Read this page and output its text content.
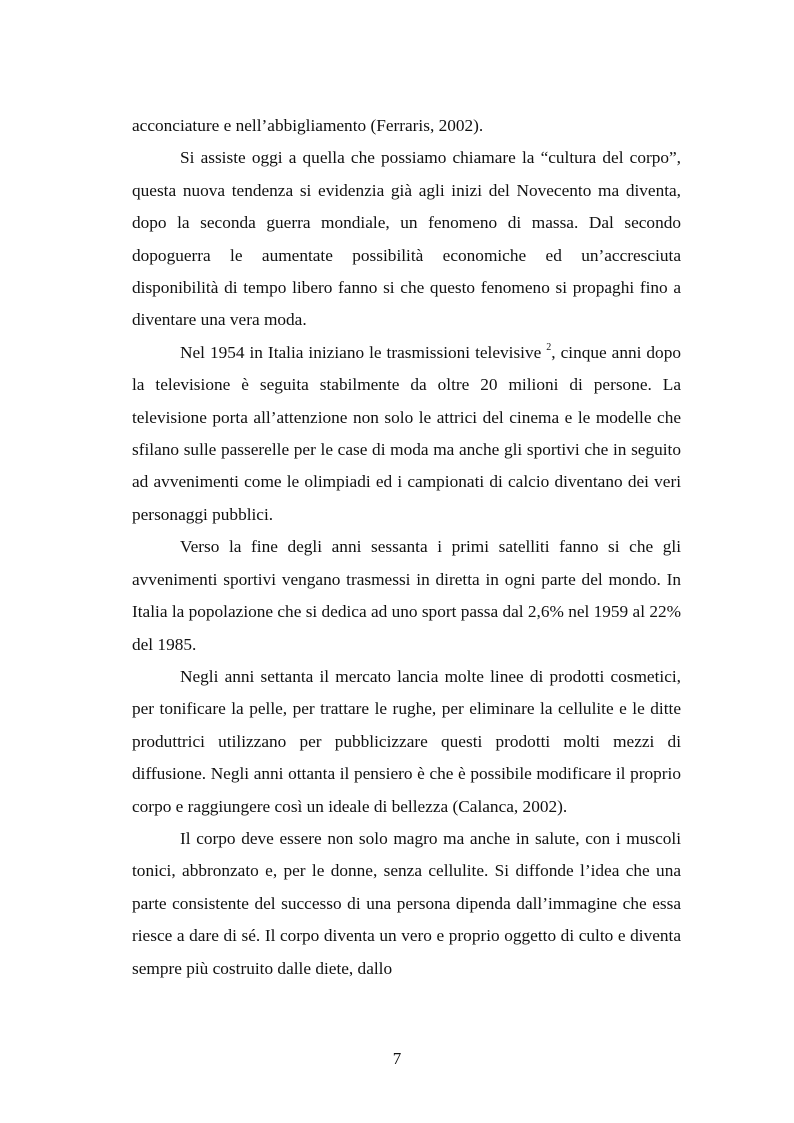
acconciature e nell’abbigliamento (Ferraris, 2002).

Si assiste oggi a quella che possiamo chiamare la “cultura del corpo”, questa nuova tendenza si evidenzia già agli inizi del Novecento ma diventa, dopo la seconda guerra mondiale, un fenomeno di massa. Dal secondo dopoguerra le aumentate possibilità economiche ed un’accresciuta disponibilità di tempo libero fanno si che questo fenomeno si propaghi fino a diventare una vera moda.

Nel 1954 in Italia iniziano le trasmissioni televisive $^2$, cinque anni dopo la televisione è seguita stabilmente da oltre 20 milioni di persone. La televisione porta all’attenzione non solo le attrici del cinema e le modelle che sfilano sulle passerelle per le case di moda ma anche gli sportivi che in seguito ad avvenimenti come le olimpiadi ed i campionati di calcio diventano dei veri personaggi pubblici.

Verso la fine degli anni sessanta i primi satelliti fanno si che gli avvenimenti sportivi vengano trasmessi in diretta in ogni parte del mondo. In Italia la popolazione che si dedica ad uno sport passa dal 2,6% nel 1959 al 22% del 1985.

Negli anni settanta il mercato lancia molte linee di prodotti cosmetici, per tonificare la pelle, per trattare le rughe, per eliminare la cellulite e le ditte produttrici utilizzano per pubblicizzare questi prodotti molti mezzi di diffusione. Negli anni ottanta il pensiero è che è possibile modificare il proprio corpo e raggiungere così un ideale di bellezza (Calanca, 2002).

Il corpo deve essere non solo magro ma anche in salute, con i muscoli tonici, abbronzato e, per le donne, senza cellulite. Si diffonde l’idea che una parte consistente del successo di una persona dipenda dall’immagine che essa riesce a dare di sé. Il corpo diventa un vero e proprio oggetto di culto e diventa sempre più costruito dalle diete, dallo

7
